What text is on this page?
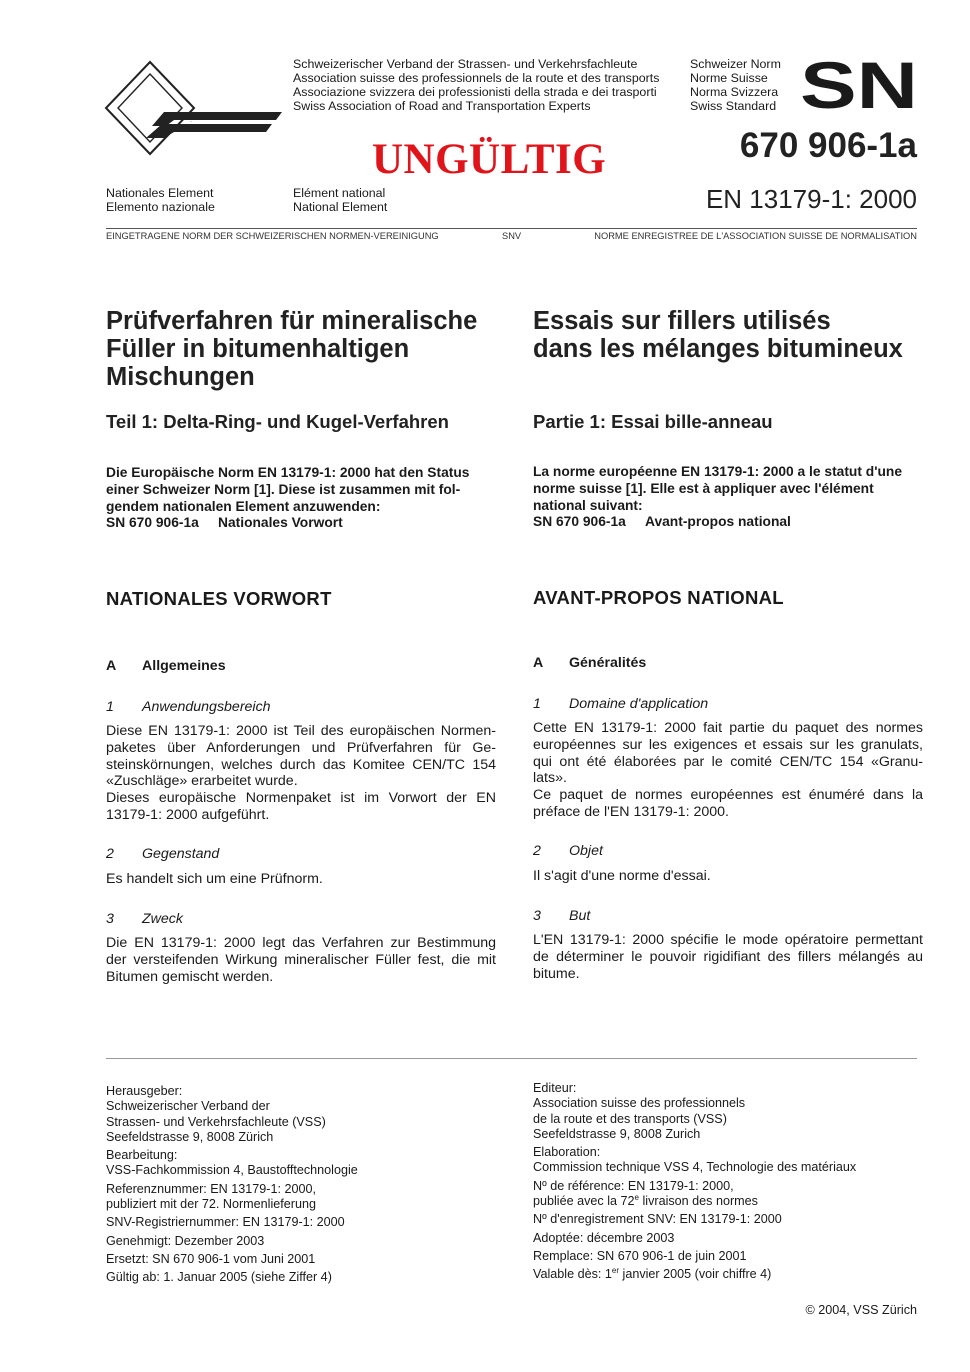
VSS
Schweizerischer Verband der Strassen- und Verkehrsfachleute
Association suisse des professionnels de la route et des transports
Associazione svizzera dei professionisti della strada e dei trasporti
Swiss Association of Road and Transportation Experts
Schweizer Norm
Norme Suisse
Norma Svizzera
Swiss Standard SN
UNGÜLTIG	670 906-1a
EN 13179-1: 2000
Nationales Element
Elemento nazionale
Elément national
National Element
EINGETRAGENE NORM DER SCHWEIZERISCHEN NORMEN-VEREINIGUNG	SNV	NORME ENREGISTREE DE L'ASSOCIATION SUISSE DE NORMALISATION
Prüfverfahren für mineralische
Füller in bitumenhaltigen
Mischungen
Teil 1: Delta-Ring- und Kugel-Verfahren
Die Europäische Norm EN 13179-1: 2000 hat den Status
einer Schweizer Norm [1]. Diese ist zusammen mit fol-
gendem nationalen Element anzuwenden:
SN 670 906-1a Nationales Vorwort
NATIONALES VORWORT
A Allgemeines
1 Anwendungsbereich
Diese EN 13179-1: 2000 ist Teil des europäischen Normen-paketes über Anforderungen und Prüfverfahren für Ge-steinskörnungen, welches durch das Komitee CEN/TC 154 «Zuschläge» erarbeitet wurde.
Dieses europäische Normenpaket ist im Vorwort der EN 13179-1: 2000 aufgeführt.
2 Gegenstand
Es handelt sich um eine Prüfnorm.
3 Zweck
Die EN 13179-1: 2000 legt das Verfahren zur Bestimmung der versteifenden Wirkung mineralischer Füller fest, die mit Bitumen gemischt werden.
Essais sur fillers utilisés
dans les mélanges bitumineux
Partie 1: Essai bille-anneau
La norme européenne EN 13179-1: 2000 a le statut d'une
norme suisse [1]. Elle est à appliquer avec l'élément
national suivant:
SN 670 906-1a Avant-propos national
AVANT-PROPOS NATIONAL
A Généralités
1 Domaine d'application
Cette EN 13179-1: 2000 fait partie du paquet des normes européennes sur les exigences et essais sur les granulats, qui ont été élaborées par le comité CEN/TC 154 «Granu-lats».
Ce paquet de normes européennes est énuméré dans la préface de l'EN 13179-1: 2000.
2 Objet
Il s'agit d'une norme d'essai.
3 But
L'EN 13179-1: 2000 spécifie le mode opératoire permettant de déterminer le pouvoir rigidifiant des fillers mélangés au bitume.
Herausgeber:
Schweizerischer Verband der
Strassen- und Verkehrsfachleute (VSS)
Seefeldstrasse 9, 8008 Zürich
Bearbeitung:
VSS-Fachkommission 4, Baustofftechnologie
Referenznummer: EN 13179-1: 2000,
publiziert mit der 72. Normenlieferung
SNV-Registriernummer: EN 13179-1: 2000
Genehmigt: Dezember 2003
Ersetzt: SN 670 906-1 vom Juni 2001
Gültig ab: 1. Januar 2005 (siehe Ziffer 4)
Editeur:
Association suisse des professionnels
de la route et des transports (VSS)
Seefeldstrasse 9, 8008 Zurich
Elaboration:
Commission technique VSS 4, Technologie des matériaux
Nº de référence: EN 13179-1: 2000,
publiée avec la 72e livraison des normes
Nº d'enregistrement SNV: EN 13179-1: 2000
Adoptée: décembre 2003
Remplace: SN 670 906-1 de juin 2001
Valable dès: 1er janvier 2005 (voir chiffre 4)
© 2004, VSS Zürich
